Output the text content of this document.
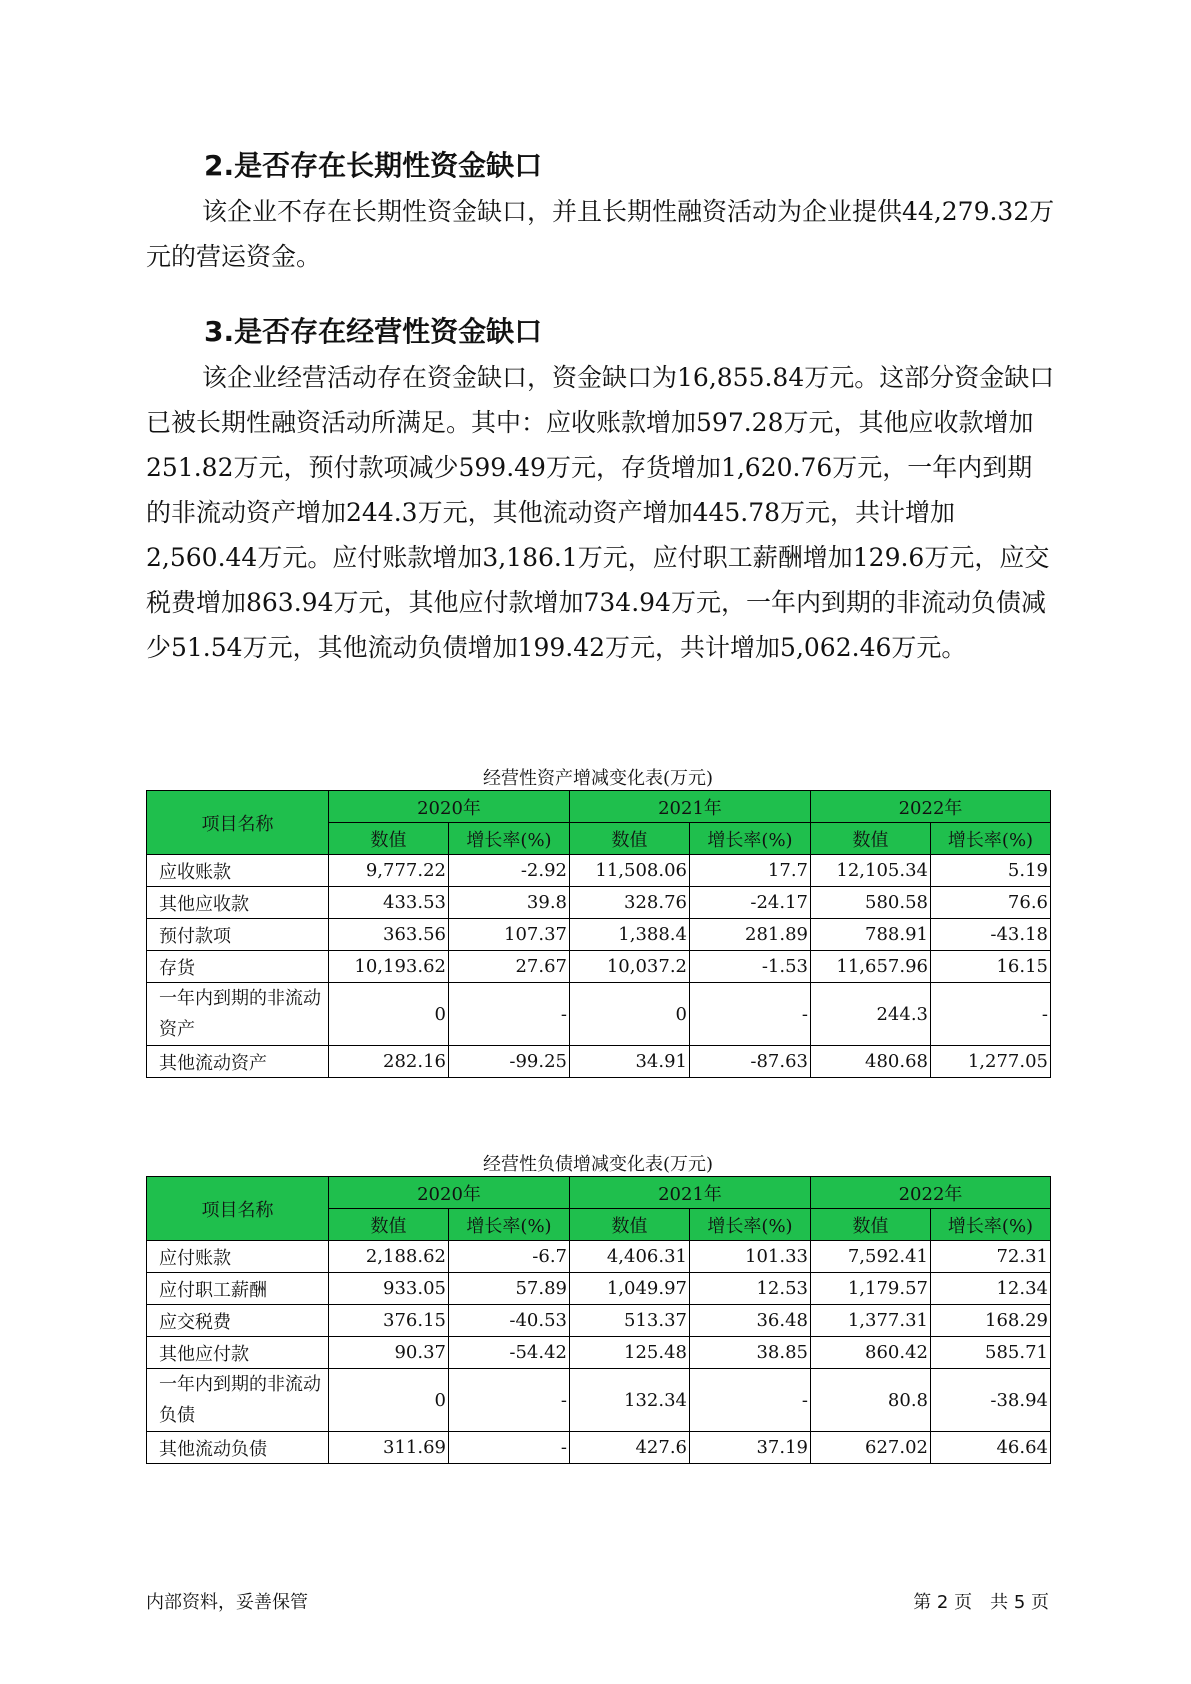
2.是否存在长期性资金缺口
该企业不存在长期性资金缺口，并且长期性融资活动为企业提供44,279.32万元的营运资金。
3.是否存在经营性资金缺口
该企业经营活动存在资金缺口，资金缺口为16,855.84万元。这部分资金缺口已被长期性融资活动所满足。其中：应收账款增加597.28万元，其他应收款增加251.82万元，预付款项减少599.49万元，存货增加1,620.76万元，一年内到期的非流动资产增加244.3万元，其他流动资产增加445.78万元，共计增加2,560.44万元。应付账款增加3,186.1万元，应付职工薪酬增加129.6万元，应交税费增加863.94万元，其他应付款增加734.94万元，一年内到期的非流动负债减少51.54万元，其他流动负债增加199.42万元，共计增加5,062.46万元。
经营性资产增减变化表(万元)
项目名称	2020年		2021年		2022年	
	数值	增长率(%)	数值	增长率(%)	数值	增长率(%)
应收账款	9,777.22	-2.92	11,508.06	17.7	12,105.34	5.19
其他应收款	433.53	39.8	328.76	-24.17	580.58	76.6
预付款项	363.56	107.37	1,388.4	281.89	788.91	-43.18
存货	10,193.62	27.67	10,037.2	-1.53	11,657.96	16.15
一年内到期的非流动资产	0	-	0	-	244.3	-
其他流动资产	282.16	-99.25	34.91	-87.63	480.68	1,277.05
经营性负债增减变化表(万元)
项目名称	2020年		2021年		2022年	
	数值	增长率(%)	数值	增长率(%)	数值	增长率(%)
应付账款	2,188.62	-6.7	4,406.31	101.33	7,592.41	72.31
应付职工薪酬	933.05	57.89	1,049.97	12.53	1,179.57	12.34
应交税费	376.15	-40.53	513.37	36.48	1,377.31	168.29
其他应付款	90.37	-54.42	125.48	38.85	860.42	585.71
一年内到期的非流动负债	0	-	132.34	-	80.8	-38.94
其他流动负债	311.69	-	427.6	37.19	627.02	46.64
内部资料，妥善保管	第 2 页　共 5 页
